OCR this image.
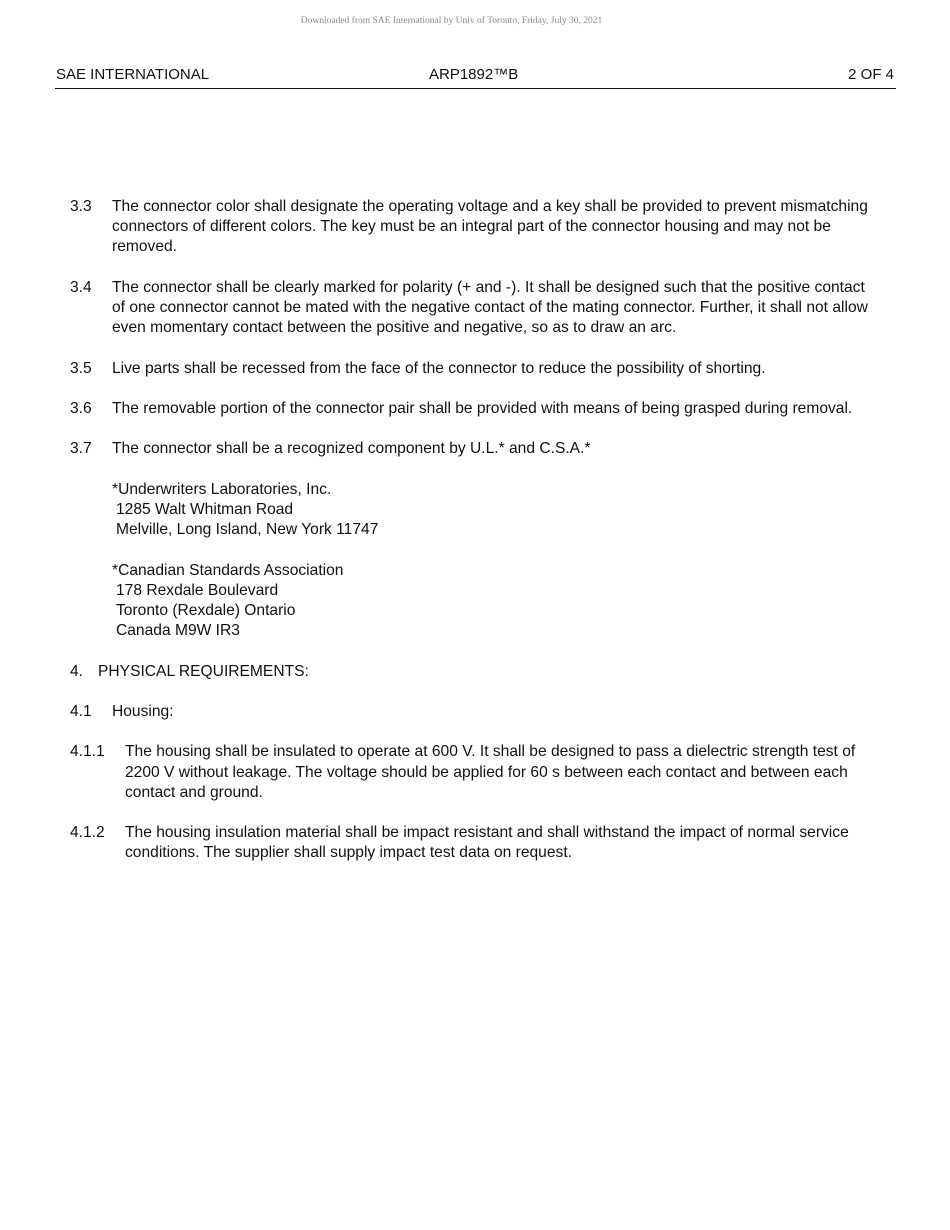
Downloaded from SAE International by Univ of Toronto, Friday, July 30, 2021
SAE INTERNATIONAL	ARP1892™B	2 OF 4
3.3 The connector color shall designate the operating voltage and a key shall be provided to prevent mismatching connectors of different colors. The key must be an integral part of the connector housing and may not be removed.
3.4 The connector shall be clearly marked for polarity (+ and -). It shall be designed such that the positive contact of one connector cannot be mated with the negative contact of the mating connector. Further, it shall not allow even momentary contact between the positive and negative, so as to draw an arc.
3.5 Live parts shall be recessed from the face of the connector to reduce the possibility of shorting.
3.6 The removable portion of the connector pair shall be provided with means of being grasped during removal.
3.7 The connector shall be a recognized component by U.L.* and C.S.A.*
*Underwriters Laboratories, Inc.
1285 Walt Whitman Road
Melville, Long Island, New York 11747
*Canadian Standards Association
178 Rexdale Boulevard
Toronto (Rexdale) Ontario
Canada M9W IR3
4. PHYSICAL REQUIREMENTS:
4.1 Housing:
4.1.1 The housing shall be insulated to operate at 600 V. It shall be designed to pass a dielectric strength test of 2200 V without leakage. The voltage should be applied for 60 s between each contact and between each contact and ground.
4.1.2 The housing insulation material shall be impact resistant and shall withstand the impact of normal service conditions. The supplier shall supply impact test data on request.
